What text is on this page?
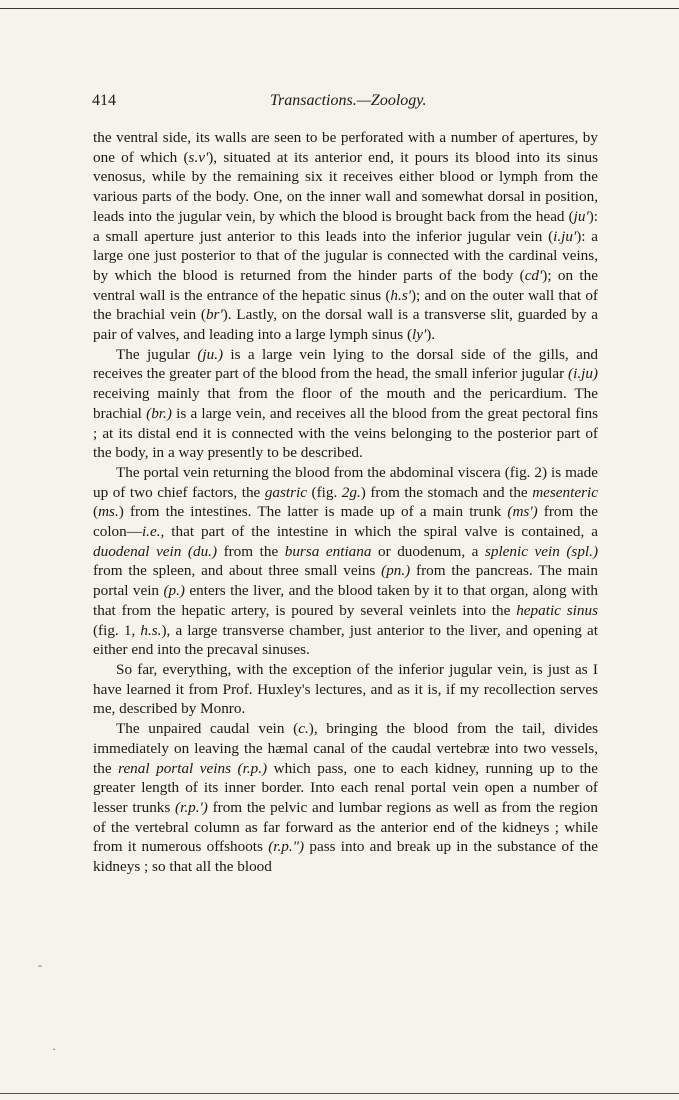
414	Transactions.—Zoology.

the ventral side, its walls are seen to be perforated with a number of apertures, by one of which (s.v'), situated at its anterior end, it pours its blood into its sinus venosus, while by the remaining six it receives either blood or lymph from the various parts of the body. One, on the inner wall and somewhat dorsal in position, leads into the jugular vein, by which the blood is brought back from the head (ju'): a small aperture just anterior to this leads into the inferior jugular vein (i.ju'): a large one just posterior to that of the jugular is connected with the cardinal veins, by which the blood is returned from the hinder parts of the body (cd'); on the ventral wall is the entrance of the hepatic sinus (h.s'); and on the outer wall that of the brachial vein (br'). Lastly, on the dorsal wall is a transverse slit, guarded by a pair of valves, and leading into a large lymph sinus (ly').

The jugular (ju.) is a large vein lying to the dorsal side of the gills, and receives the greater part of the blood from the head, the small inferior jugular (i.ju) receiving mainly that from the floor of the mouth and the pericardium. The brachial (br.) is a large vein, and receives all the blood from the great pectoral fins ; at its distal end it is connected with the veins belonging to the posterior part of the body, in a way presently to be described.

The portal vein returning the blood from the abdominal viscera (fig. 2) is made up of two chief factors, the gastric (fig. 2g.) from the stomach and the mesenteric (ms.) from the intestines. The latter is made up of a main trunk (ms') from the colon—i.e., that part of the intestine in which the spiral valve is contained, a duodenal vein (du.) from the bursa entiana or duodenum, a splenic vein (spl.) from the spleen, and about three small veins (pn.) from the pancreas. The main portal vein (p.) enters the liver, and the blood taken by it to that organ, along with that from the hepatic artery, is poured by several veinlets into the hepatic sinus (fig. 1, h.s.), a large transverse chamber, just anterior to the liver, and opening at either end into the precaval sinuses.

So far, everything, with the exception of the inferior jugular vein, is just as I have learned it from Prof. Huxley's lectures, and as it is, if my recollection serves me, described by Monro.

The unpaired caudal vein (c.), bringing the blood from the tail, divides immediately on leaving the hæmal canal of the caudal vertebræ into two vessels, the renal portal veins (r.p.) which pass, one to each kidney, running up to the greater length of its inner border. Into each renal portal vein open a number of lesser trunks (r.p.') from the pelvic and lumbar regions as well as from the region of the vertebral column as far forward as the anterior end of the kidneys ; while from it numerous offshoots (r.p.") pass into and break up in the substance of the kidneys ; so that all the blood

-
·
